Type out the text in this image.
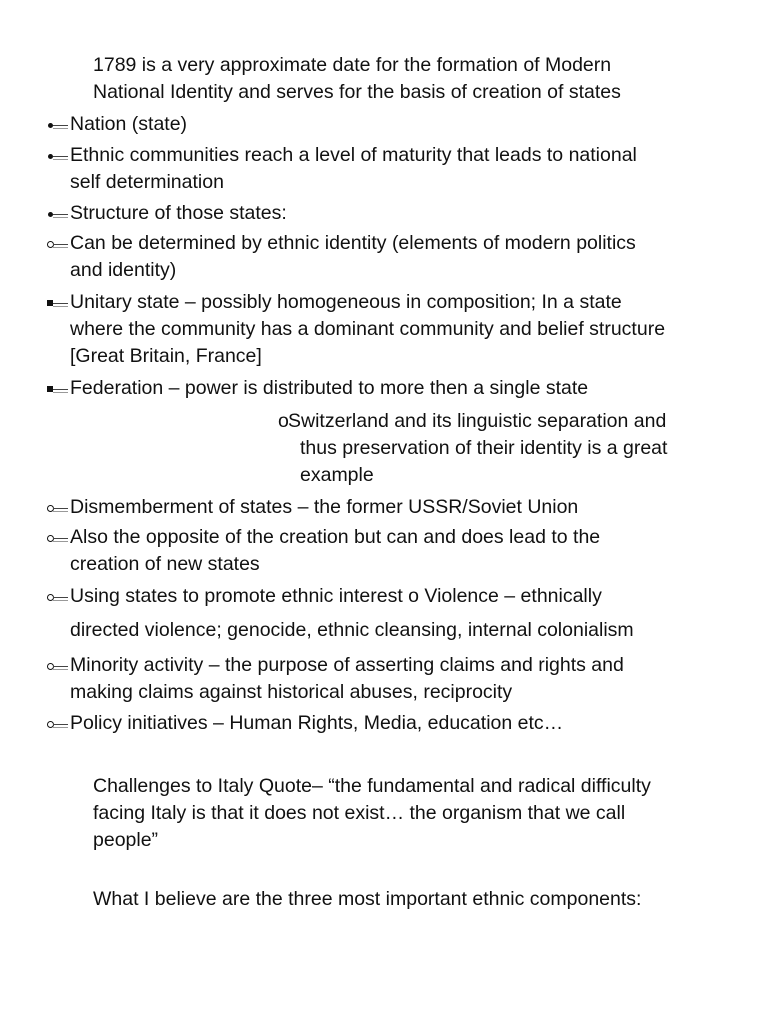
1789 is a very approximate date for the formation of Modern
National Identity and serves for the basis of creation of states
Nation (state)
Ethnic communities reach a level of maturity that leads to national
self determination
Structure of those states:
Can be determined by ethnic identity (elements of modern politics
and identity)
Unitary state – possibly homogeneous in composition; In a state
where the community has a dominant community and belief structure
[Great Britain, France]
Federation – power is distributed to more then a single state
o Switzerland and its linguistic separation and
thus preservation of their identity is a great
example
Dismemberment of states – the former USSR/Soviet Union
Also the opposite of the creation but can and does lead to the
creation of new states
Using states to promote ethnic interest o Violence – ethnically
directed violence; genocide, ethnic cleansing, internal colonialism
Minority activity – the purpose of asserting claims and rights and
making claims against historical abuses, reciprocity
Policy initiatives – Human Rights, Media, education etc…
Challenges to Italy Quote– “the fundamental and radical difficulty
facing Italy is that it does not exist… the organism that we call
people”
What I believe are the three most important ethnic components:
